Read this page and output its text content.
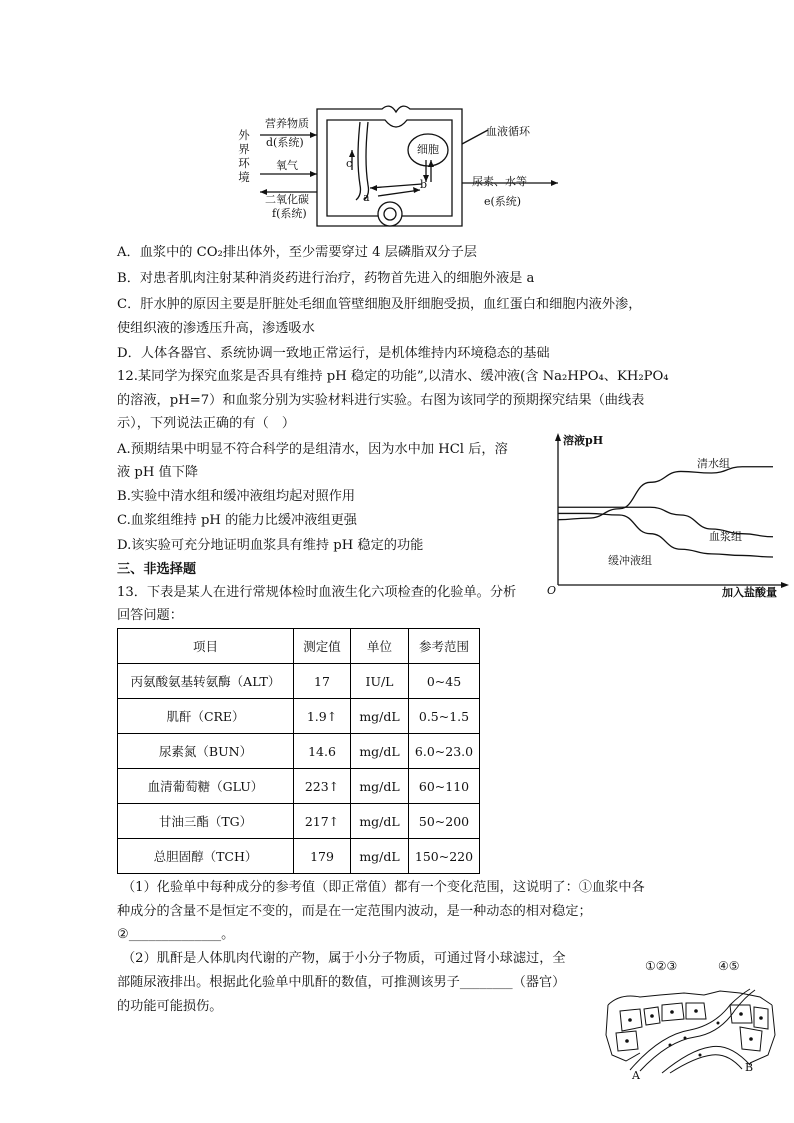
外
界
环
境
营养物质
d(系统)
氧气
二氧化碳
f(系统)
血液循环
细胞
c
a
b	尿素、水等
e(系统)
A．血浆中的 CO₂排出体外，至少需要穿过 4 层磷脂双分子层
B．对患者肌肉注射某种消炎药进行治疗，药物首先进入的细胞外液是 a
C．肝水肿的原因主要是肝脏处毛细血管壁细胞及肝细胞受损，血红蛋白和细胞内液外渗，
使组织液的渗透压升高，渗透吸水
D．人体各器官、系统协调一致地正常运行，是机体维持内环境稳态的基础
12.某同学为探究血浆是否具有维持 pH 稳定的功能”,以清水、缓冲液(含 Na₂HPO₄、KH₂PO₄
的溶液，pH=7）和血浆分别为实验材料进行实验。右图为该同学的预期探究结果（曲线表
示），下列说法正确的有（　）
A.预期结果中明显不符合科学的是组清水，因为水中加 HCl 后，溶
液 pH 值下降
B.实验中清水组和缓冲液组均起对照作用
C.血浆组维持 pH 的能力比缓冲液组更强
D.该实验可充分地证明血浆具有维持 pH 稳定的功能
溶液pH
加入盐酸量
O
清水组
血浆组
缓冲液组
三、非选择题
13．下表是某人在进行常规体检时血液生化六项检查的化验单。分析
回答问题：
项目	测定值	单位	参考范围
丙氨酸氨基转氨酶（ALT）	17	IU/L	0~45
肌酐（CRE）	1.9↑	mg/dL	0.5~1.5
尿素氮（BUN）	14.6	mg/dL	6.0~23.0
血清葡萄糖（GLU）	223↑	mg/dL	60~110
甘油三酯（TG）	217↑	mg/dL	50~200
总胆固醇（TCH）	179	mg/dL	150~220
（1）化验单中每种成分的参考值（即正常值）都有一个变化范围，这说明了：①血浆中各
种成分的含量不是恒定不变的，而是在一定范围内波动，是一种动态的相对稳定；
②______________。
（2）肌酐是人体肌肉代谢的产物，属于小分子物质，可通过肾小球滤过，全
部随尿液排出。根据此化验单中肌酐的数值，可推测该男子________（器官）
的功能可能损伤。
①②③	④⑤
A
B
